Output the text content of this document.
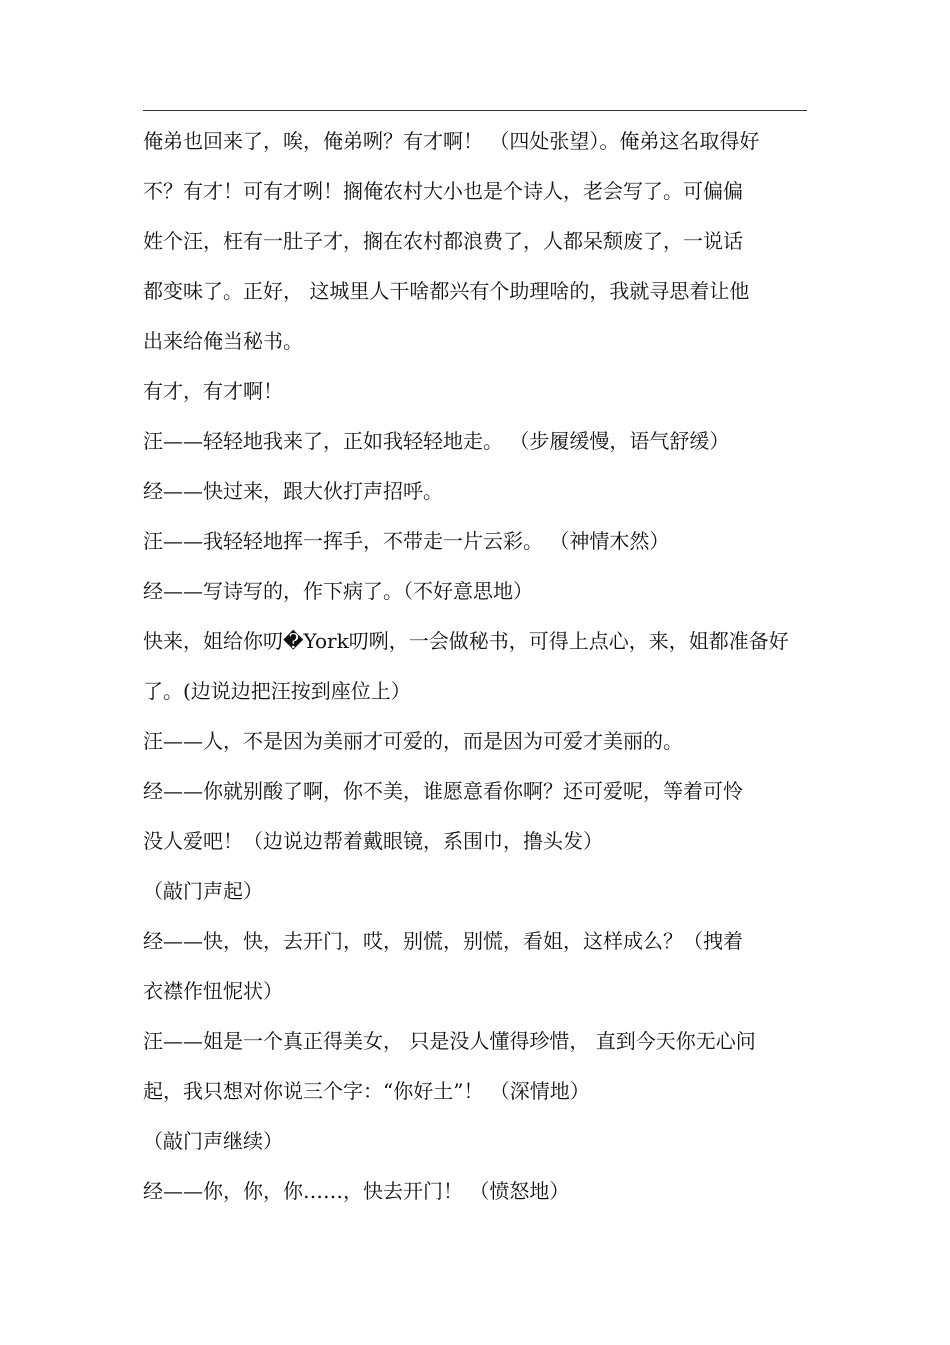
俺弟也回来了，唉，俺弟咧？有才啊！ （四处张望）。俺弟这名取得好
不？有才！可有才咧！搁俺农村大小也是个诗人，老会写了。可偏偏
姓个汪，枉有一肚子才，搁在农村都浪费了，人都呆颓废了，一说话
都变味了。正好， 这城里人干啥都兴有个助理啥的，我就寻思着让他
出来给俺当秘书。
有才，有才啊！
汪——轻轻地我来了，正如我轻轻地走。 （步履缓慢，语气舒缓）
经——快过来，跟大伙打声招呼。
汪——我轻轻地挥一挥手，不带走一片云彩。 （神情木然）
经——写诗写的，作下病了。（不好意思地）
快来，姐给你叨�York叨咧，一会做秘书，可得上点心，来，姐都准备好
了。(边说边把汪按到座位上）
汪——人，不是因为美丽才可爱的，而是因为可爱才美丽的。
经——你就别酸了啊，你不美，谁愿意看你啊？还可爱呢，等着可怜
没人爱吧！（边说边帮着戴眼镜，系围巾，撸头发）
（敲门声起）
经——快，快，去开门，哎，别慌，别慌，看姐，这样成么？（拽着
衣襟作忸怩状）
汪——姐是一个真正得美女， 只是没人懂得珍惜， 直到今天你无心问
起，我只想对你说三个字：“你好土”！ （深情地）
（敲门声继续）
经——你，你，你……，快去开门！ （愤怒地）
